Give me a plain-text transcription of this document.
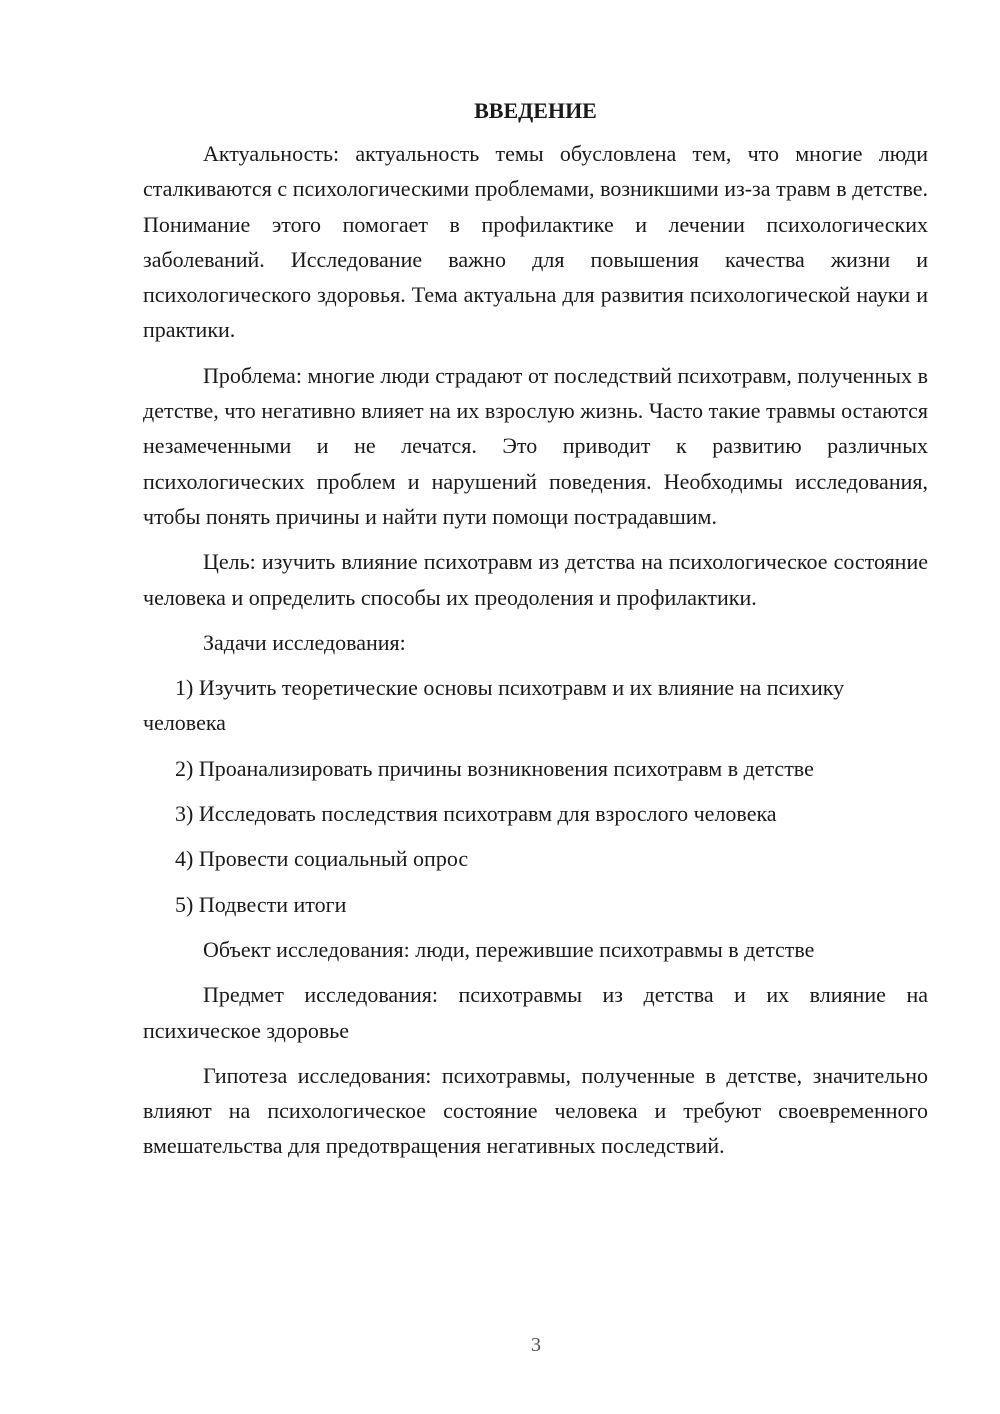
ВВЕДЕНИЕ

Актуальность: актуальность темы обусловлена тем, что многие люди сталкиваются с психологическими проблемами, возникшими из-за травм в детстве. Понимание этого помогает в профилактике и лечении психологических заболеваний. Исследование важно для повышения качества жизни и психологического здоровья. Тема актуальна для развития психологической науки и практики.

Проблема: многие люди страдают от последствий психотравм, полученных в детстве, что негативно влияет на их взрослую жизнь. Часто такие травмы остаются незамеченными и не лечатся. Это приводит к развитию различных психологических проблем и нарушений поведения. Необходимы исследования, чтобы понять причины и найти пути помощи пострадавшим.

Цель: изучить влияние психотравм из детства на психологическое состояние человека и определить способы их преодоления и профилактики.

Задачи исследования:

1) Изучить теоретические основы психотравм и их влияние на психику человека

2) Проанализировать причины возникновения психотравм в детстве

3) Исследовать последствия психотравм для взрослого человека

4) Провести социальный опрос

5) Подвести итоги

Объект исследования: люди, пережившие психотравмы в детстве

Предмет исследования: психотравмы из детства и их влияние на психическое здоровье

Гипотеза исследования: психотравмы, полученные в детстве, значительно влияют на психологическое состояние человека и требуют своевременного вмешательства для предотвращения негативных последствий.

3
